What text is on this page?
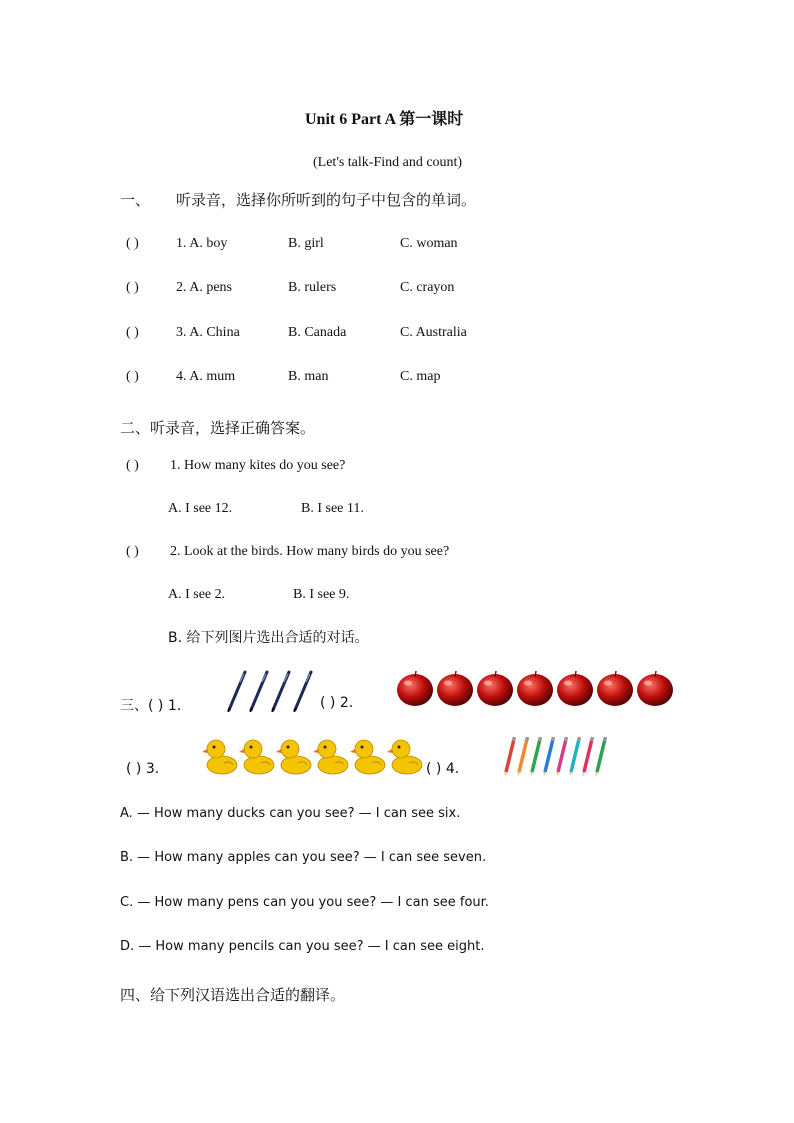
Unit 6 Part A 第一课时
(Let's talk-Find and count)
一、 听录音，选择你所听到的句子中包含的单词。
( )	1. A. boy	B. girl	C. woman
( )	2. A. pens	B. rulers	C. crayon
( )	3. A. China	B. Canada	C. Australia
( )	4. A. mum	B. man	C. map
二、听录音，选择正确答案。
( ) 1. How many kites do you see?
A. I see 12.	B. I see 11.
( ) 2. Look at the birds. How many birds do you see?
A. I see 2.	B. I see 9.
B. 给下列图片选出合适的对话。
三、( ) 1.	( ) 2.
( ) 3.	( ) 4.
A. — How many ducks can you see? — I can see six.
B. — How many apples can you see? — I can see seven.
C. — How many pens can you you see? — I can see four.
D. — How many pencils can you see? — I can see eight.
四、给下列汉语选出合适的翻译。
